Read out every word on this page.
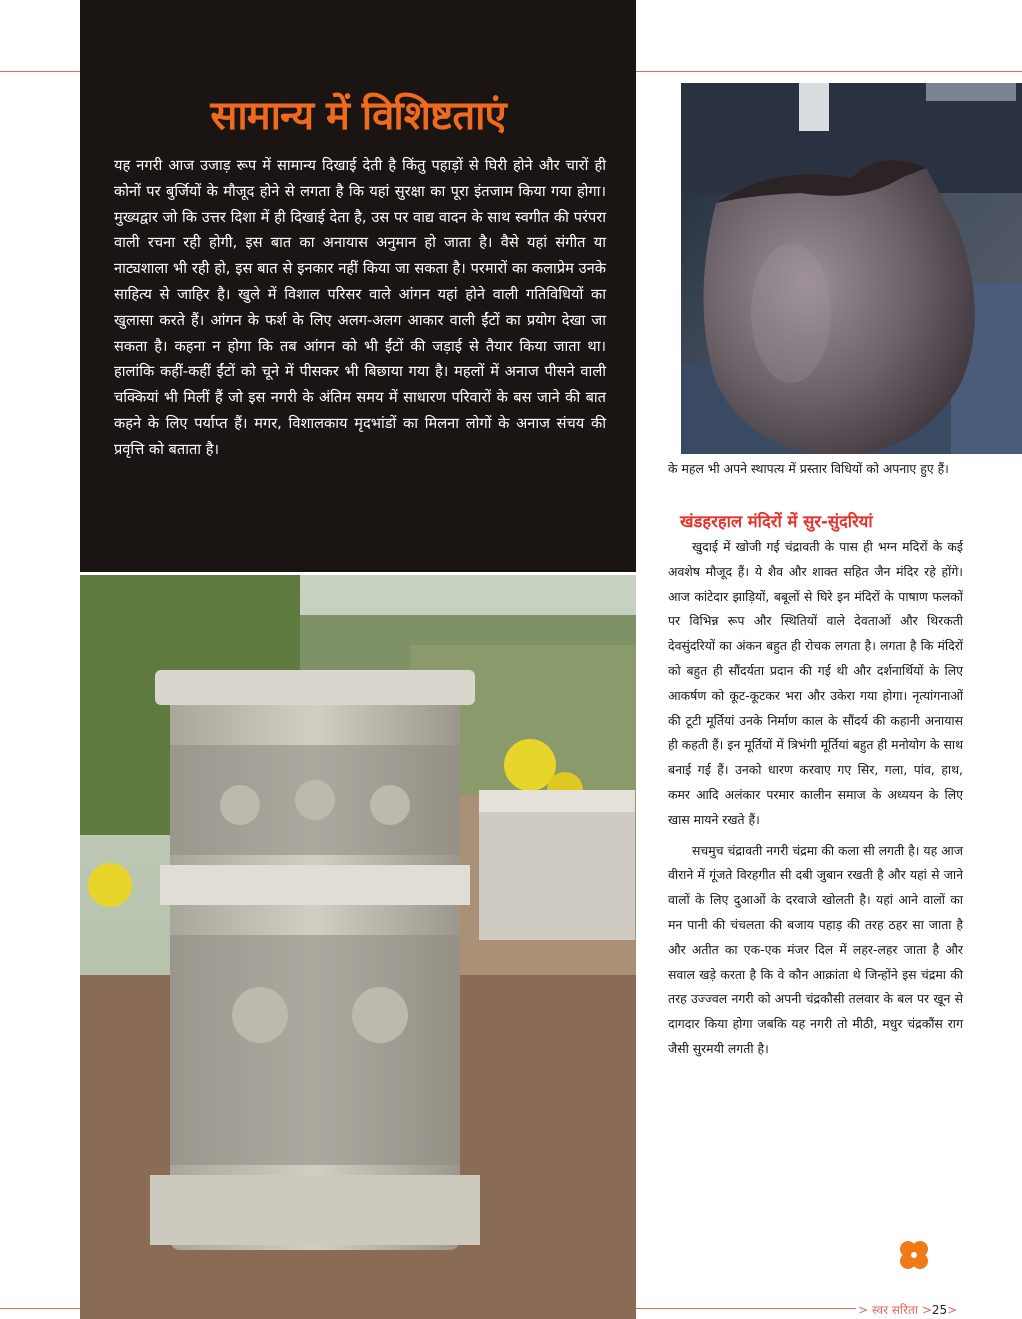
सामान्य में विशिष्टताएं

यह नगरी आज उजाड़ रूप में सामान्य दिखाई देती है किंतु पहाड़ों से घिरी होने और चारों ही कोनों पर बुर्जियों के मौजूद होने से लगता है कि यहां सुरक्षा का पूरा इंतजाम किया गया होगा। मुख्यद्वार जो कि उत्तर दिशा में ही दिखाई देता है, उस पर वाद्य वादन के साथ स्वगीत की परंपरा वाली रचना रही होगी, इस बात का अनायास अनुमान हो जाता है। वैसे यहां संगीत या नाट्यशाला भी रही हो, इस बात से इनकार नहीं किया जा सकता है। परमारों का कलाप्रेम उनके साहित्य से जाहिर है। खुले में विशाल परिसर वाले आंगन यहां होने वाली गतिविधियों का खुलासा करते हैं। आंगन के फर्श के लिए अलग-अलग आकार वाली ईंटों का प्रयोग देखा जा सकता है। कहना न होगा कि तब आंगन को भी ईंटों की जड़ाई से तैयार किया जाता था। हालांकि कहीं-कहीं ईंटों को चूने में पीसकर भी बिछाया गया है। महलों में अनाज पीसने वाली चक्कियां भी मिलीं हैं जो इस नगरी के अंतिम समय में साधारण परिवारों के बस जाने की बात कहने के लिए पर्याप्त हैं। मगर, विशालकाय मृदभांडों का मिलना लोगों के अनाज संचय की प्रवृत्ति को बताता है।

के महल भी अपने स्थापत्य में प्रस्तार विधियों को अपनाए हुए हैं।

खंडहरहाल मंदिरों में सुर-सुंदरियां

खुदाई में खोजी गई चंद्रावती के पास ही भग्न मदिरों के कई अवशेष मौजूद हैं। ये शैव और शाक्त सहित जैन मंदिर रहे होंगे। आज कांटेदार झाड़ियों, बबूलों से घिरे इन मंदिरों के पाषाण फलकों पर विभिन्न रूप और स्थितियों वाले देवताओं और थिरकती देवसुंदरियों का अंकन बहुत ही रोचक लगता है। लगता है कि मंदिरों को बहुत ही सौंदर्यता प्रदान की गई थी और दर्शनार्थियों के लिए आकर्षण को कूट-कूटकर भरा और उकेरा गया होगा। नृत्यांगनाओं की टूटी मूर्तियां उनके निर्माण काल के सौंदर्य की कहानी अनायास ही कहती हैं। इन मूर्तियों में त्रिभंगी मूर्तियां बहुत ही मनोयोग के साथ बनाई गई हैं। उनको धारण करवाए गए सिर, गला, पांव, हाथ, कमर आदि अलंकार परमार कालीन समाज के अध्ययन के लिए खास मायने रखते हैं।

सचमुच चंद्रावती नगरी चंद्रमा की कला सी लगती है। यह आज वीराने में गूंजते विरहगीत सी दबी जुबान रखती है और यहां से जाने वालों के लिए दुआओं के दरवाजे खोलती है। यहां आने वालों का मन पानी की चंचलता की बजाय पहाड़ की तरह ठहर सा जाता है और अतीत का एक-एक मंजर दिल में लहर-लहर जाता है और सवाल खड़े करता है कि वे कौन आक्रांता थे जिन्होंने इस चंद्रमा की तरह उज्ज्वल नगरी को अपनी चंद्रकौसी तलवार के बल पर खून से दागदार किया होगा जबकि यह नगरी तो मीठी, मधुर चंद्रकौंस राग जैसी सुरमयी लगती है।

> स्वर सरिता >25>
